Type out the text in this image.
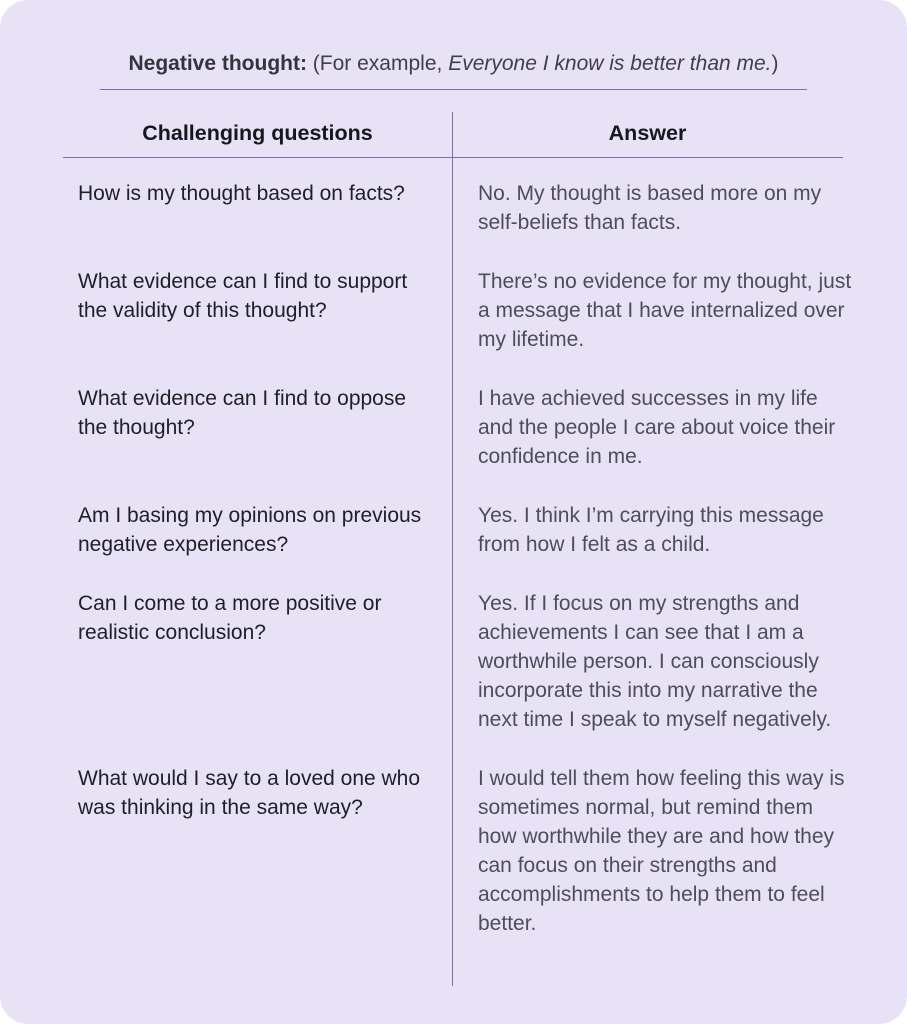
Negative thought: (For example, Everyone I know is better than me.)
Challenging questions	Answer
How is my thought based on facts?	No. My thought is based more on my self-beliefs than facts.
What evidence can I find to support the validity of this thought?
There’s no evidence for my thought, just a message that I have internalized over my lifetime.
What evidence can I find to oppose the thought?
I have achieved successes in my life and the people I care about voice their confidence in me.
Am I basing my opinions on previous negative experiences?
Yes. I think I’m carrying this message from how I felt as a child.
Can I come to a more positive or realistic conclusion?
Yes. If I focus on my strengths and achievements I can see that I am a worthwhile person. I can consciously incorporate this into my narrative the next time I speak to myself negatively.
What would I say to a loved one who was thinking in the same way?
I would tell them how feeling this way is sometimes normal, but remind them how worthwhile they are and how they can focus on their strengths and accomplishments to help them to feel better.
